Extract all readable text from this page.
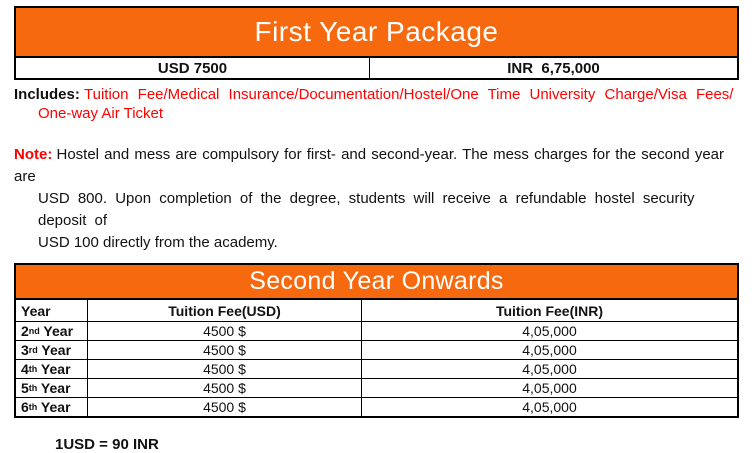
First Year Package
USD 7500	INR  6,75,000

Includes: Tuition Fee/Medical Insurance/Documentation/Hostel/One Time University Charge/Visa Fees/
One-way Air Ticket

Note: Hostel and mess are compulsory for first- and second-year. The mess charges for the second year are
USD 800. Upon completion of the degree, students will receive a refundable hostel security deposit of
USD 100 directly from the academy.

Second Year Onwards
Year	Tuition Fee(USD)	Tuition Fee(INR)
2 nd Year	4500 $	4,05,000
3 rd Year	4500 $	4,05,000
4 th Year	4500 $	4,05,000
5 th Year	4500 $	4,05,000
6 th Year	4500 $	4,05,000

1USD = 90 INR
